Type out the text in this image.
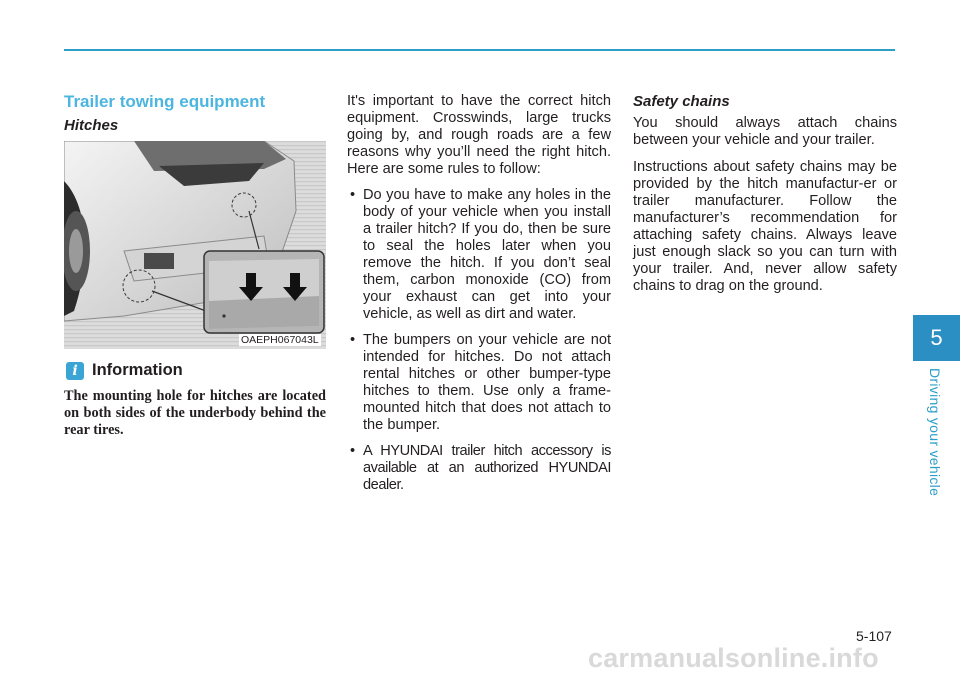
Trailer towing equipment
Hitches
OAEPH067043L
i Information

The mounting hole for hitches are located on both sides of the underbody behind the rear tires.

It's important to have the correct hitch equipment. Crosswinds, large trucks going by, and rough roads are a few reasons why you’ll need the right hitch. Here are some rules to follow:

• Do you have to make any holes in the body of your vehicle when you install a trailer hitch? If you do, then be sure to seal the holes later when you remove the hitch. If you don’t seal them, carbon monoxide (CO) from your exhaust can get into your vehicle, as well as dirt and water.
• The bumpers on your vehicle are not intended for hitches. Do not attach rental hitches or other bumper-type hitches to them. Use only a frame-mounted hitch that does not attach to the bumper.
• A HYUNDAI trailer hitch accessory is available at an authorized HYUNDAI dealer.
Safety chains

You should always attach chains between your vehicle and your trailer.

Instructions about safety chains may be provided by the hitch manufactur-er or trailer manufacturer. Follow the manufacturer’s recommendation for attaching safety chains. Always leave just enough slack so you can turn with your trailer. And, never allow safety chains to drag on the ground.

5
Driving your vehicle
5-107
carmanualsonline.info
